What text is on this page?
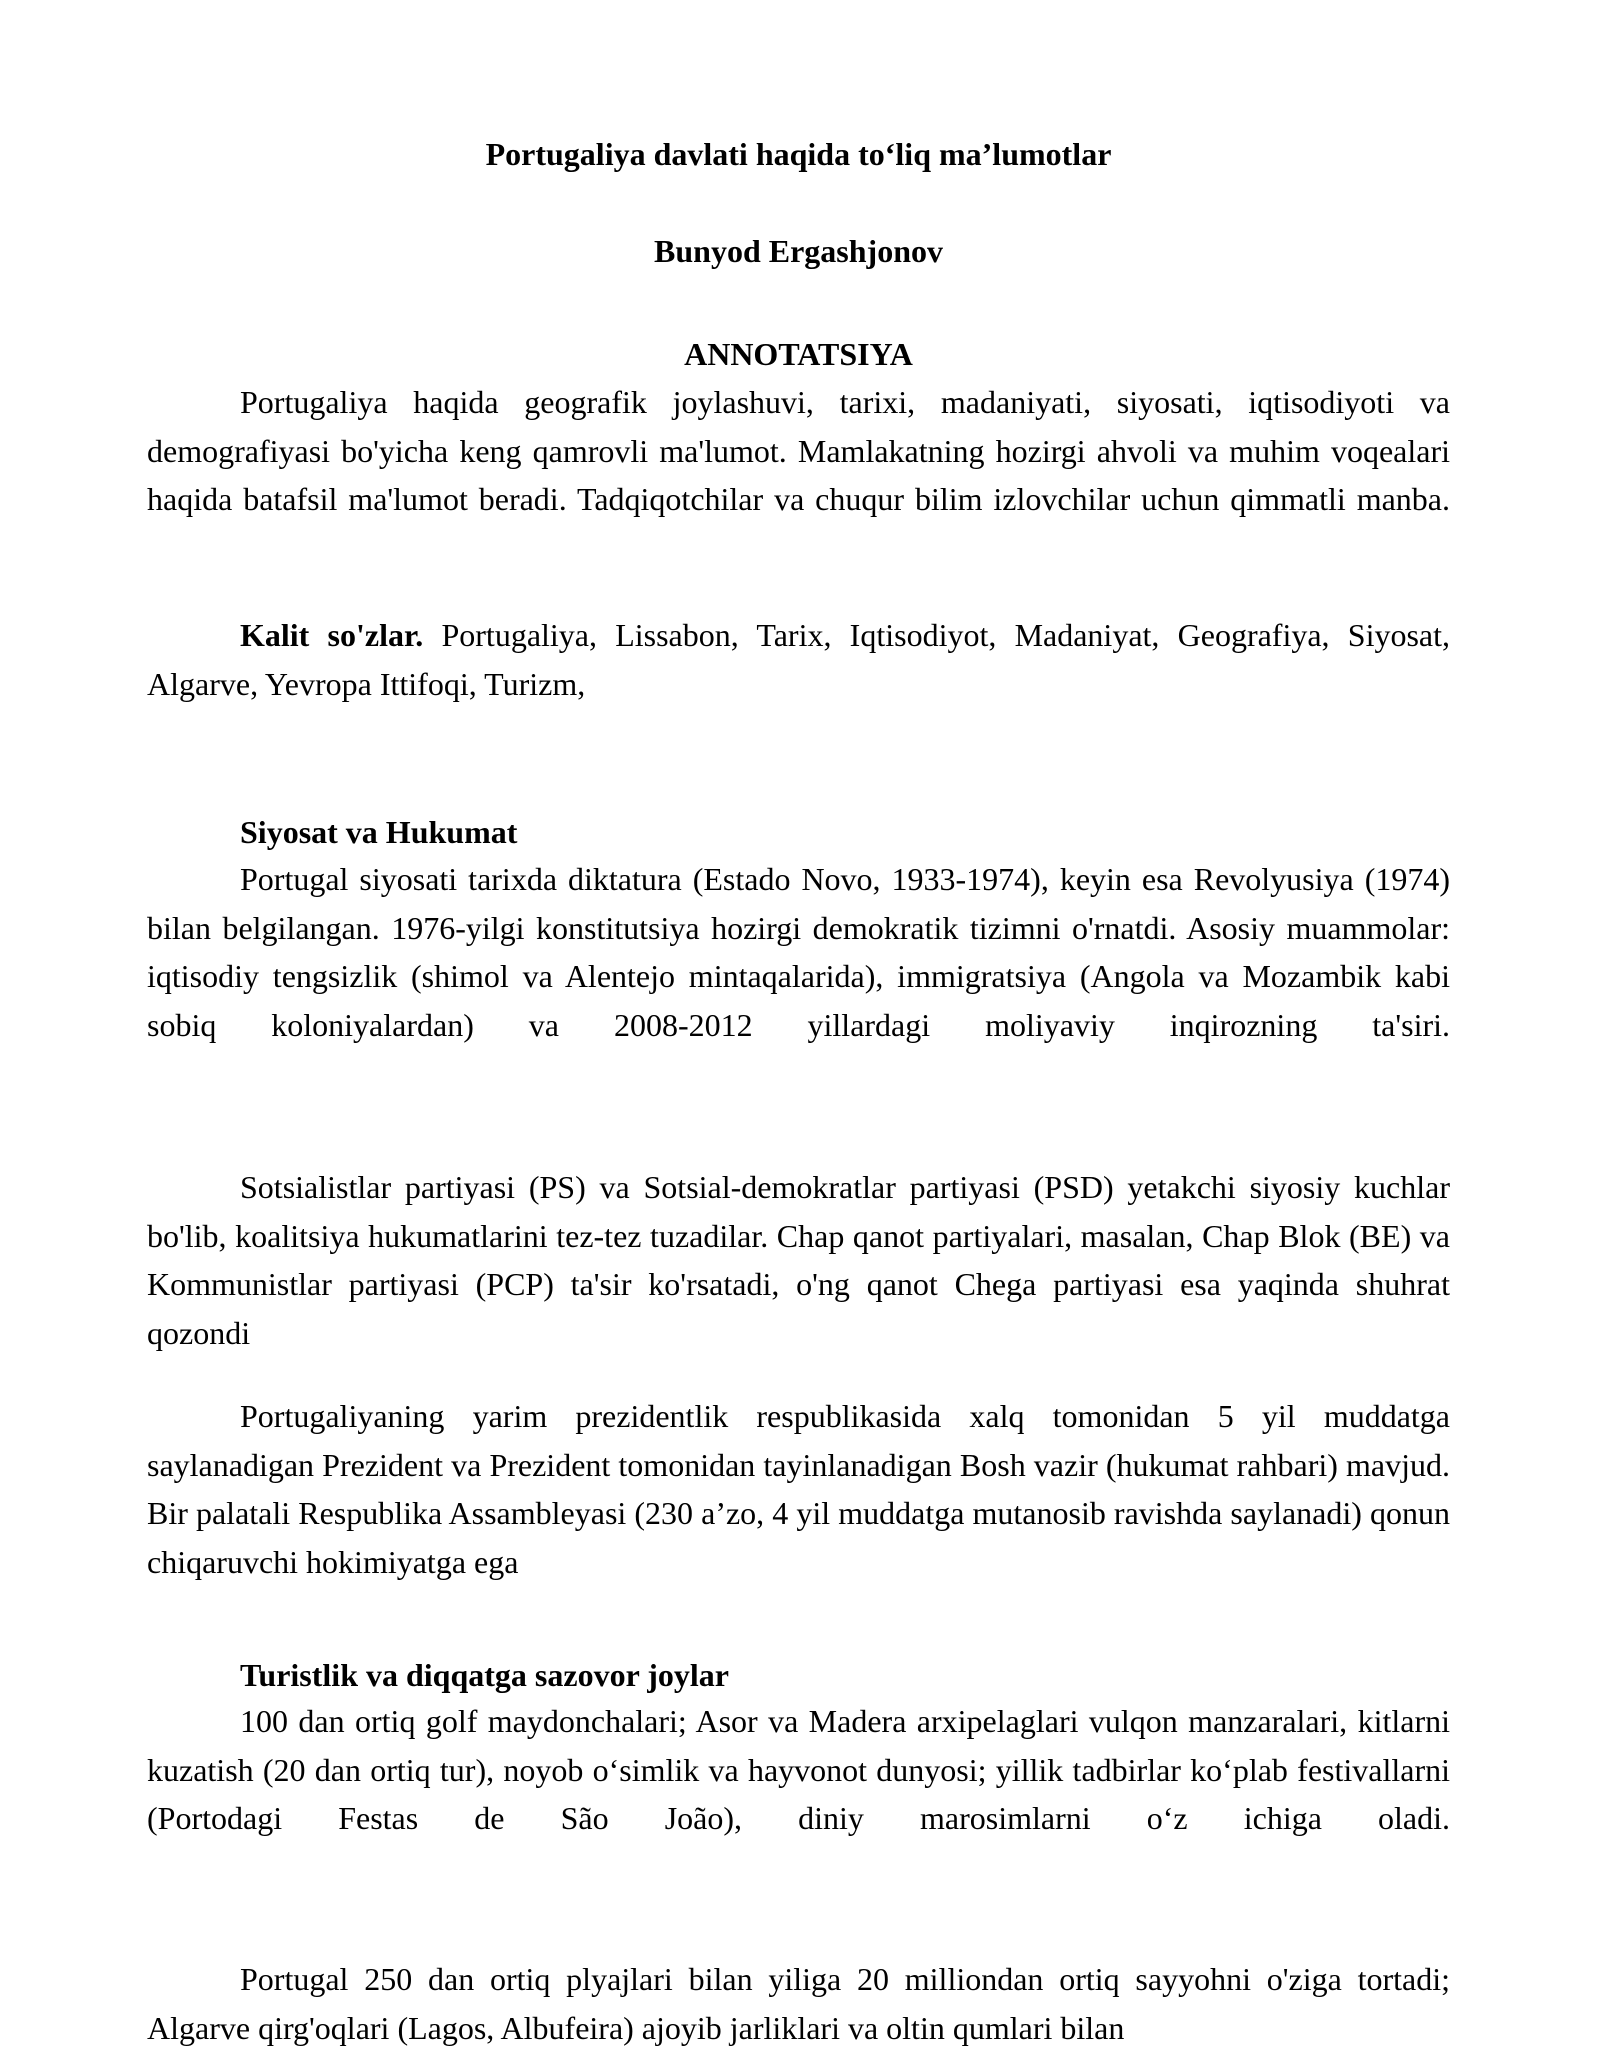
Portugaliya davlati haqida to‘liq ma’lumotlar
Bunyod Ergashjonov
ANNOTATSIYA

Portugaliya haqida geografik joylashuvi, tarixi, madaniyati, siyosati, iqtisodiyoti va demografiyasi bo'yicha keng qamrovli ma'lumot. Mamlakatning hozirgi ahvoli va muhim voqealari haqida batafsil ma'lumot beradi. Tadqiqotchilar va chuqur bilim izlovchilar uchun qimmatli manba.

Kalit so'zlar. Portugaliya, Lissabon, Tarix, Iqtisodiyot, Madaniyat, Geografiya, Siyosat, Algarve, Yevropa Ittifoqi, Turizm,

Siyosat va Hukumat

Portugal siyosati tarixda diktatura (Estado Novo, 1933-1974), keyin esa Revolyusiya (1974) bilan belgilangan. 1976-yilgi konstitutsiya hozirgi demokratik tizimni o'rnatdi. Asosiy muammolar: iqtisodiy tengsizlik (shimol va Alentejo mintaqalarida), immigratsiya (Angola va Mozambik kabi sobiq koloniyalardan) va 2008-2012 yillardagi moliyaviy inqirozning ta'siri.

Sotsialistlar partiyasi (PS) va Sotsial-demokratlar partiyasi (PSD) yetakchi siyosiy kuchlar bo'lib, koalitsiya hukumatlarini tez-tez tuzadilar. Chap qanot partiyalari, masalan, Chap Blok (BE) va Kommunistlar partiyasi (PCP) ta'sir ko'rsatadi, o'ng qanot Chega partiyasi esa yaqinda shuhrat qozondi

Portugaliyaning yarim prezidentlik respublikasida xalq tomonidan 5 yil muddatga saylanadigan Prezident va Prezident tomonidan tayinlanadigan Bosh vazir (hukumat rahbari) mavjud. Bir palatali Respublika Assambleyasi (230 a’zo, 4 yil muddatga mutanosib ravishda saylanadi) qonun chiqaruvchi hokimiyatga ega

Turistlik va diqqatga sazovor joylar

100 dan ortiq golf maydonchalari; Asor va Madera arxipelaglari vulqon manzaralari, kitlarni kuzatish (20 dan ortiq tur), noyob o‘simlik va hayvonot dunyosi; yillik tadbirlar ko‘plab festivallarni (Portodagi Festas de São João), diniy marosimlarni o‘z ichiga oladi.

Portugal 250 dan ortiq plyajlari bilan yiliga 20 milliondan ortiq sayyohni o'ziga tortadi; Algarve qirg'oqlari (Lagos, Albufeira) ajoyib jarliklari va oltin qumlari bilan
